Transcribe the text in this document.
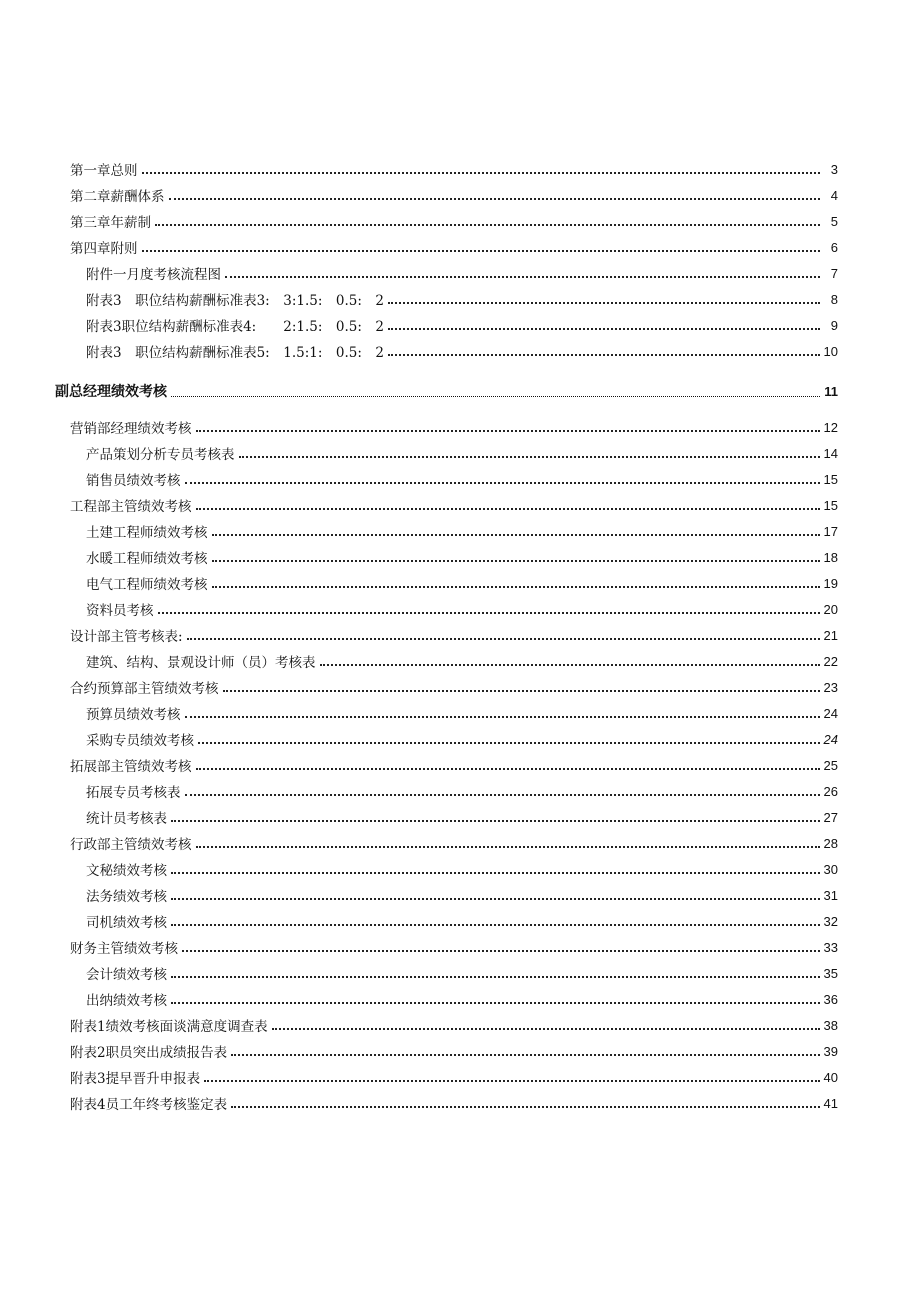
第一章总则	3
第二章薪酬体系	4
第三章年薪制	5
第四章附则	6
附件一月度考核流程图	7
附表3　职位结构薪酬标准表3:　3:1.5:　0.5:　2	8
附表3职位结构薪酬标准表4:　　2:1.5:　0.5:　2	9
附表3　职位结构薪酬标准表5:　1.5:1:　0.5:　2	10
副总经理绩效考核	11
营销部经理绩效考核	12
产品策划分析专员考核表	14
销售员绩效考核	15
工程部主管绩效考核	15
土建工程师绩效考核	17
水暖工程师绩效考核	18
电气工程师绩效考核	19
资料员考核	20
设计部主管考核表:	21
建筑、结构、景观设计师（员）考核表	22
合约预算部主管绩效考核	23
预算员绩效考核	24
采购专员绩效考核	24
拓展部主管绩效考核	25
拓展专员考核表	26
统计员考核表	27
行政部主管绩效考核	28
文秘绩效考核	30
法务绩效考核	31
司机绩效考核	32
财务主管绩效考核	33
会计绩效考核	35
出纳绩效考核	36
附表1绩效考核面谈满意度调查表	38
附表2职员突出成绩报告表	39
附表3提早晋升申报表	40
附表4员工年终考核鉴定表	41
